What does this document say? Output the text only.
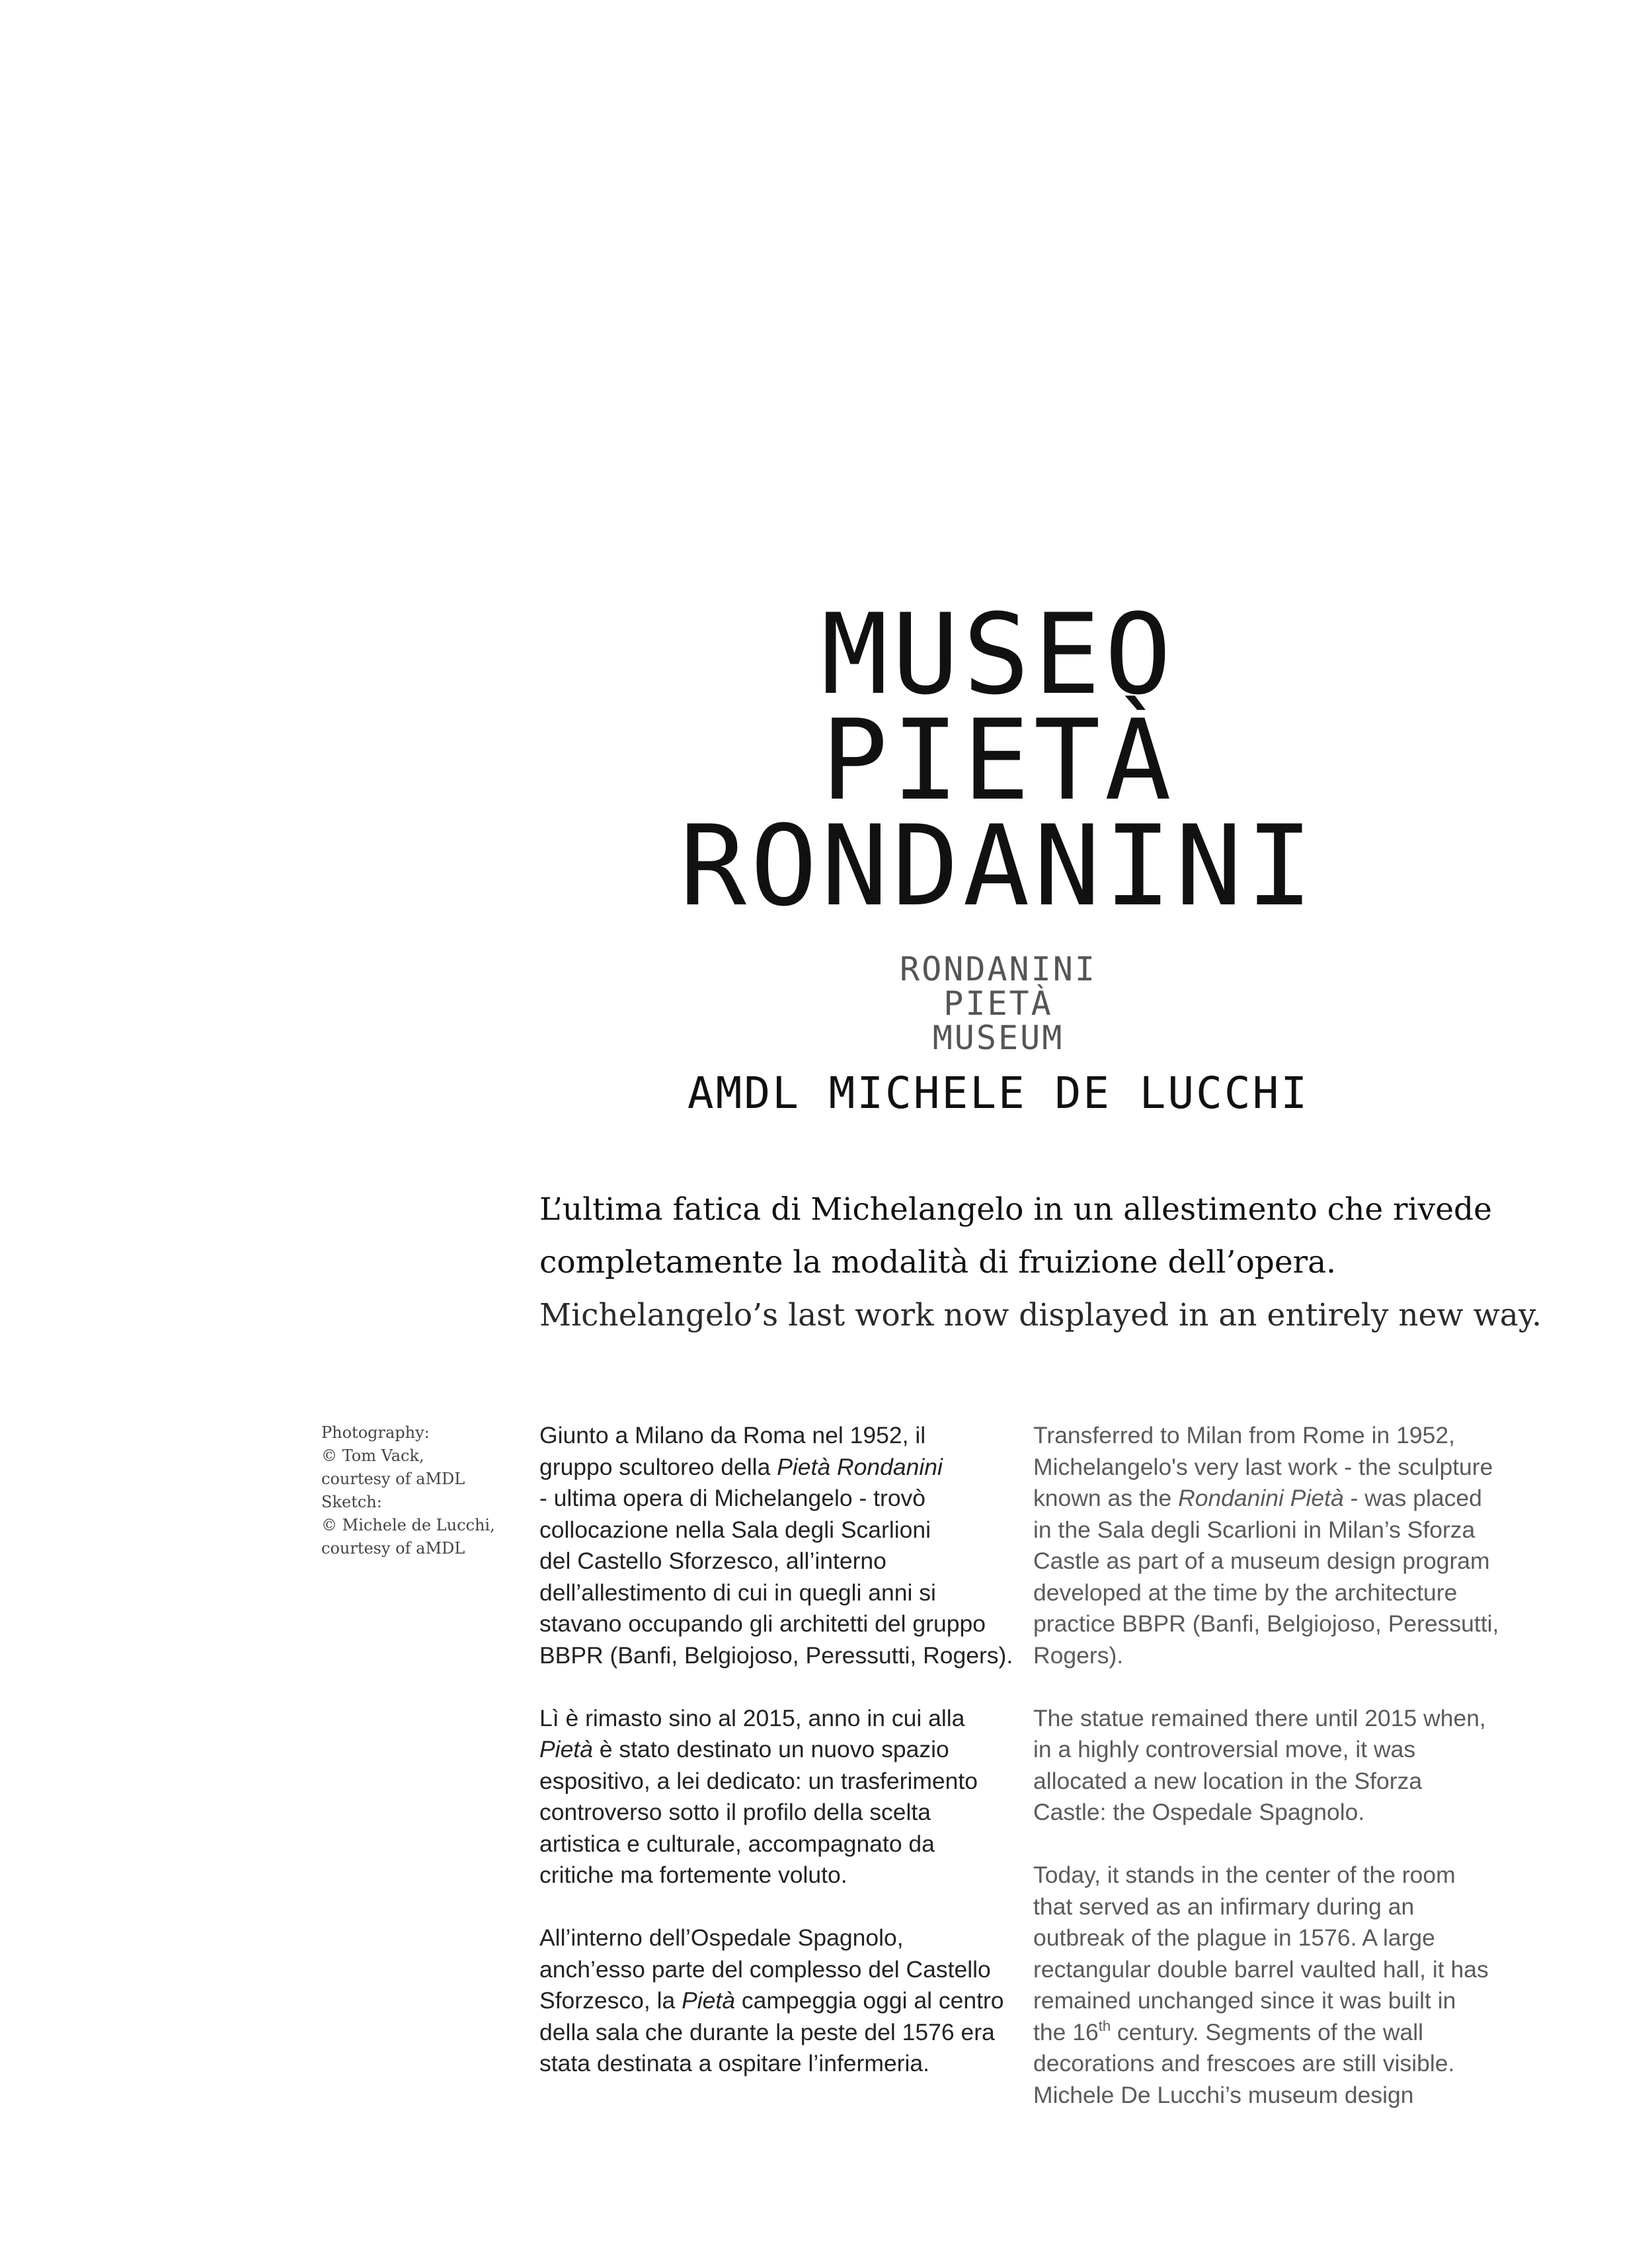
MUSEO
PIETÀ
RONDANINI
RONDANINI
PIETÀ
MUSEUM
AMDL MICHELE DE LUCCHI
L’ultima fatica di Michelangelo in un allestimento che rivede
completamente la modalità di fruizione dell’opera.
Michelangelo’s last work now displayed in an entirely new way.
Photography:
© Tom Vack,
courtesy of aMDL
Sketch:
© Michele de Lucchi,
courtesy of aMDL
Giunto a Milano da Roma nel 1952, il
gruppo scultoreo della Pietà Rondanini
- ultima opera di Michelangelo - trovò
collocazione nella Sala degli Scarlioni
del Castello Sforzesco, all’interno
dell’allestimento di cui in quegli anni si
stavano occupando gli architetti del gruppo
BBPR (Banfi, Belgiojoso, Peressutti, Rogers).
Lì è rimasto sino al 2015, anno in cui alla
Pietà è stato destinato un nuovo spazio
espositivo, a lei dedicato: un trasferimento
controverso sotto il profilo della scelta
artistica e culturale, accompagnato da
critiche ma fortemente voluto.
All’interno dell’Ospedale Spagnolo,
anch’esso parte del complesso del Castello
Sforzesco, la Pietà campeggia oggi al centro
della sala che durante la peste del 1576 era
stata destinata a ospitare l’infermeria.
Transferred to Milan from Rome in 1952,
Michelangelo's very last work - the sculpture
known as the Rondanini Pietà - was placed
in the Sala degli Scarlioni in Milan’s Sforza
Castle as part of a museum design program
developed at the time by the architecture
practice BBPR (Banfi, Belgiojoso, Peressutti,
Rogers).
The statue remained there until 2015 when,
in a highly controversial move, it was
allocated a new location in the Sforza
Castle: the Ospedale Spagnolo.
Today, it stands in the center of the room
that served as an infirmary during an
outbreak of the plague in 1576. A large
rectangular double barrel vaulted hall, it has
remained unchanged since it was built in
the 16th century. Segments of the wall
decorations and frescoes are still visible.
Michele De Lucchi’s museum design
